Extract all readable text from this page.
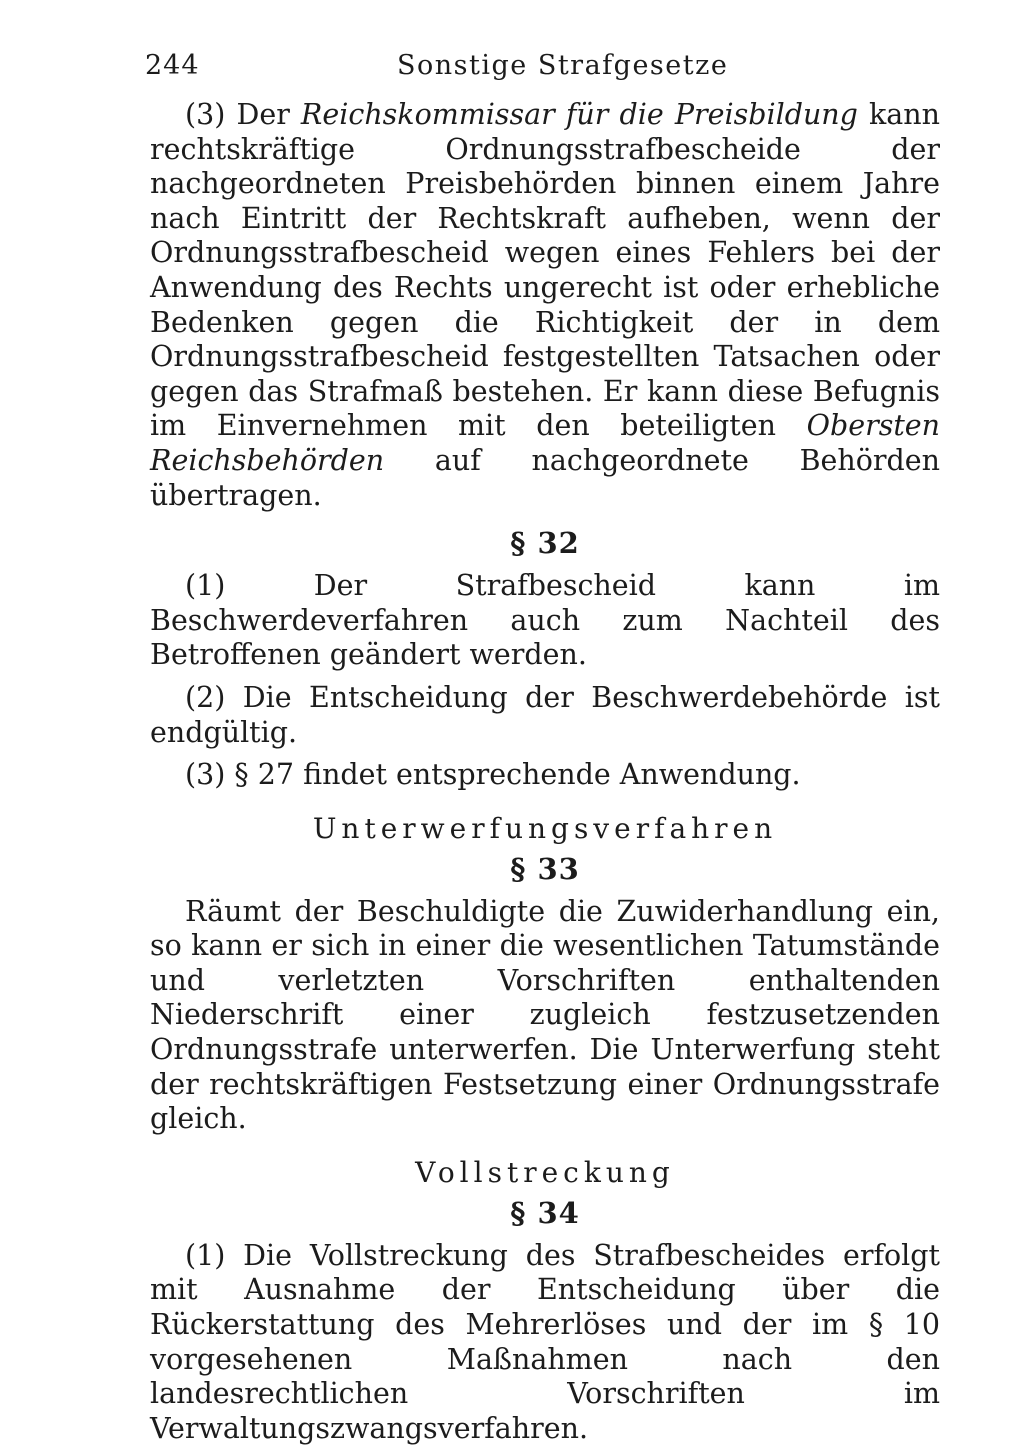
244	Sonstige Strafgesetze

(3) Der Reichskommissar für die Preisbildung kann rechtskräftige Ordnungsstrafbescheide der nachgeordneten Preisbehörden binnen einem Jahre nach Eintritt der Rechtskraft aufheben, wenn der Ordnungsstrafbescheid wegen eines Fehlers bei der Anwendung des Rechts ungerecht ist oder erhebliche Bedenken gegen die Richtigkeit der in dem Ordnungsstrafbescheid festgestellten Tatsachen oder gegen das Strafmaß bestehen. Er kann diese Befugnis im Einvernehmen mit den beteiligten Obersten Reichsbehörden auf nachgeordnete Behörden übertragen.

§ 32

(1) Der Strafbescheid kann im Beschwerdeverfahren auch zum Nachteil des Betroffenen geändert werden.

(2) Die Entscheidung der Beschwerdebehörde ist endgültig.

(3) § 27 findet entsprechende Anwendung.

Unterwerfungsverfahren
§ 33

Räumt der Beschuldigte die Zuwiderhandlung ein, so kann er sich in einer die wesentlichen Tatumstände und verletzten Vorschriften enthaltenden Niederschrift einer zugleich festzusetzenden Ordnungsstrafe unterwerfen. Die Unterwerfung steht der rechtskräftigen Festsetzung einer Ordnungsstrafe gleich.

Vollstreckung
§ 34

(1) Die Vollstreckung des Strafbescheides erfolgt mit Ausnahme der Entscheidung über die Rückerstattung des Mehrerlöses und der im § 10 vorgesehenen Maßnahmen nach den landesrechtlichen Vorschriften im Verwaltungszwangsverfahren.
